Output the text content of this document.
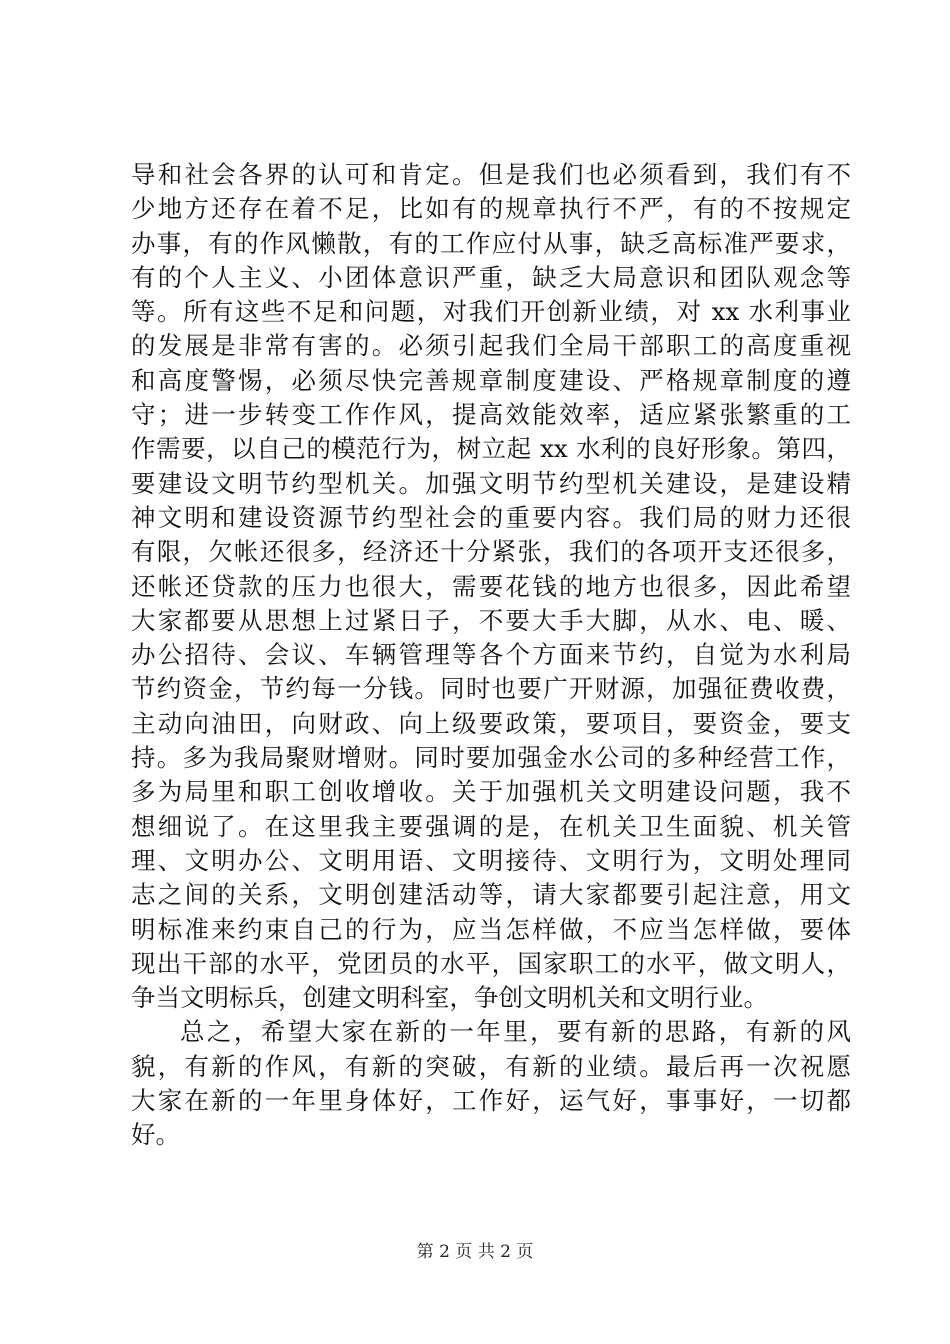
导和社会各界的认可和肯定。但是我们也必须看到，我们有不
少地方还存在着不足，比如有的规章执行不严，有的不按规定
办事，有的作风懒散，有的工作应付从事，缺乏高标准严要求，
有的个人主义、小团体意识严重，缺乏大局意识和团队观念等
等。所有这些不足和问题，对我们开创新业绩，对 xx 水利事业
的发展是非常有害的。必须引起我们全局干部职工的高度重视
和高度警惕，必须尽快完善规章制度建设、严格规章制度的遵
守；进一步转变工作作风，提高效能效率，适应紧张繁重的工
作需要，以自己的模范行为，树立起 xx 水利的良好形象。第四，
要建设文明节约型机关。加强文明节约型机关建设，是建设精
神文明和建设资源节约型社会的重要内容。我们局的财力还很
有限，欠帐还很多，经济还十分紧张，我们的各项开支还很多，
还帐还贷款的压力也很大，需要花钱的地方也很多，因此希望
大家都要从思想上过紧日子，不要大手大脚，从水、电、暖、
办公招待、会议、车辆管理等各个方面来节约，自觉为水利局
节约资金，节约每一分钱。同时也要广开财源，加强征费收费，
主动向油田，向财政、向上级要政策，要项目，要资金，要支
持。多为我局聚财增财。同时要加强金水公司的多种经营工作，
多为局里和职工创收增收。关于加强机关文明建设问题，我不
想细说了。在这里我主要强调的是，在机关卫生面貌、机关管
理、文明办公、文明用语、文明接待、文明行为，文明处理同
志之间的关系，文明创建活动等，请大家都要引起注意，用文
明标准来约束自己的行为，应当怎样做，不应当怎样做，要体
现出干部的水平，党团员的水平，国家职工的水平，做文明人，
争当文明标兵，创建文明科室，争创文明机关和文明行业。
总之，希望大家在新的一年里，要有新的思路，有新的风
貌，有新的作风，有新的突破，有新的业绩。最后再一次祝愿
大家在新的一年里身体好，工作好，运气好，事事好，一切都
好。
第 2 页 共 2 页
